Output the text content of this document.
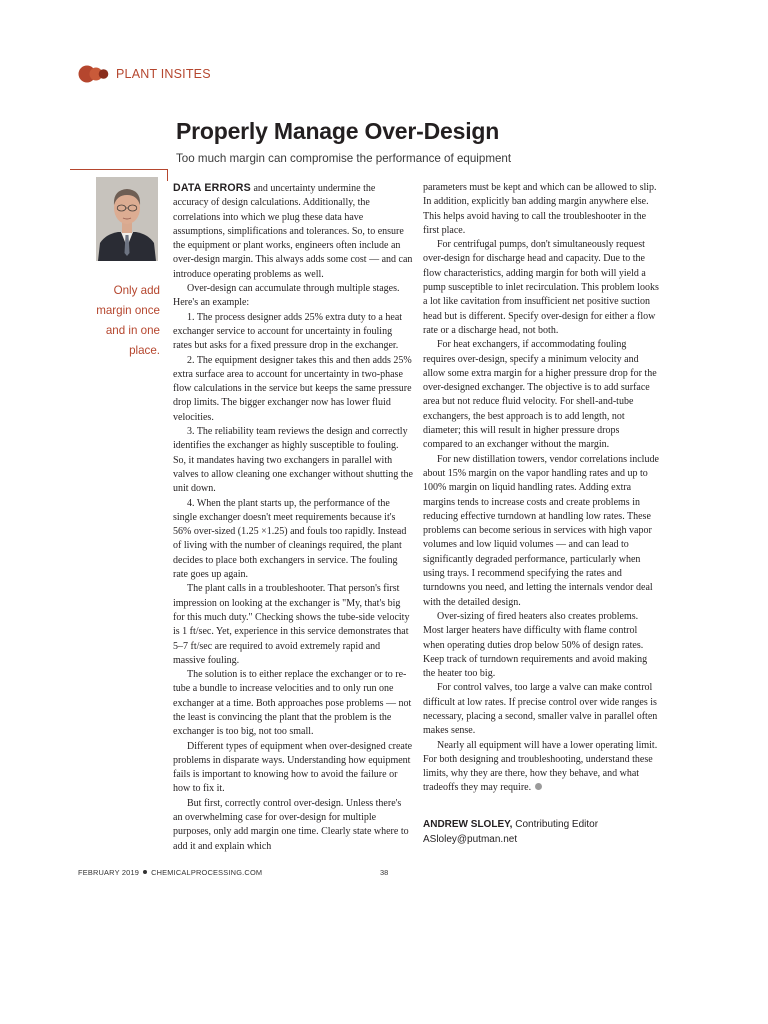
PLANT INSITES
Properly Manage Over-Design
Too much margin can compromise the performance of equipment
Only add
margin once
and in one
place.

DATA ERRORS and uncertainty undermine the accuracy of design calculations. Additionally, the correlations into which we plug these data have assumptions, simplifications and tolerances. So, to ensure the equipment or plant works, engineers often include an over-design margin. This always adds some cost — and can introduce operating problems as well.

Over-design can accumulate through multiple stages. Here's an example:

1. The process designer adds 25% extra duty to a heat exchanger service to account for uncertainty in fouling rates but asks for a fixed pressure drop in the exchanger.

2. The equipment designer takes this and then adds 25% extra surface area to account for uncertainty in two-phase flow calculations in the service but keeps the same pressure drop limits. The bigger exchanger now has lower fluid velocities.

3. The reliability team reviews the design and correctly identifies the exchanger as highly susceptible to fouling. So, it mandates having two exchangers in parallel with valves to allow cleaning one exchanger without shutting the unit down.

4. When the plant starts up, the performance of the single exchanger doesn't meet requirements because it's 56% over-sized (1.25 ×1.25) and fouls too rapidly. Instead of living with the number of cleanings required, the plant decides to place both exchangers in service. The fouling rate goes up again.

The plant calls in a troubleshooter. That person's first impression on looking at the exchanger is "My, that's big for this much duty." Checking shows the tube-side velocity is 1 ft/sec. Yet, experience in this service demonstrates that 5–7 ft/sec are required to avoid extremely rapid and massive fouling.

The solution is to either replace the exchanger or to re-tube a bundle to increase velocities and to only run one exchanger at a time. Both approaches pose problems — not the least is convincing the plant that the problem is the exchanger is too big, not too small.

Different types of equipment when over-designed create problems in disparate ways. Understanding how equipment fails is important to knowing how to avoid the failure or how to fix it.

But first, correctly control over-design. Unless there's an overwhelming case for over-design for multiple purposes, only add margin one time. Clearly state where to add it and explain which

parameters must be kept and which can be allowed to slip. In addition, explicitly ban adding margin anywhere else. This helps avoid having to call the troubleshooter in the first place.

For centrifugal pumps, don't simultaneously request over-design for discharge head and capacity. Due to the flow characteristics, adding margin for both will yield a pump susceptible to inlet recirculation. This problem looks a lot like cavitation from insufficient net positive suction head but is different. Specify over-design for either a flow rate or a discharge head, not both.

For heat exchangers, if accommodating fouling requires over-design, specify a minimum velocity and allow some extra margin for a higher pressure drop for the over-designed exchanger. The objective is to add surface area but not reduce fluid velocity. For shell-and-tube exchangers, the best approach is to add length, not diameter; this will result in higher pressure drops compared to an exchanger without the margin.

For new distillation towers, vendor correlations include about 15% margin on the vapor handling rates and up to 100% margin on liquid handling rates. Adding extra margins tends to increase costs and create problems in reducing effective turndown at handling low rates. These problems can become serious in services with high vapor volumes and low liquid volumes — and can lead to significantly degraded performance, particularly when using trays. I recommend specifying the rates and turndowns you need, and letting the internals vendor deal with the detailed design.

Over-sizing of fired heaters also creates problems. Most larger heaters have difficulty with flame control when operating duties drop below 50% of design rates. Keep track of turndown requirements and avoid making the heater too big.

For control valves, too large a valve can make control difficult at low rates. If precise control over wide ranges is necessary, placing a second, smaller valve in parallel often makes sense.

Nearly all equipment will have a lower operating limit. For both designing and troubleshooting, understand these limits, why they are there, how they behave, and what tradeoffs they may require.

ANDREW SLOLEY, Contributing Editor
ASloley@putman.net
FEBRUARY 2019 CHEMICALPROCESSING.COM	38
